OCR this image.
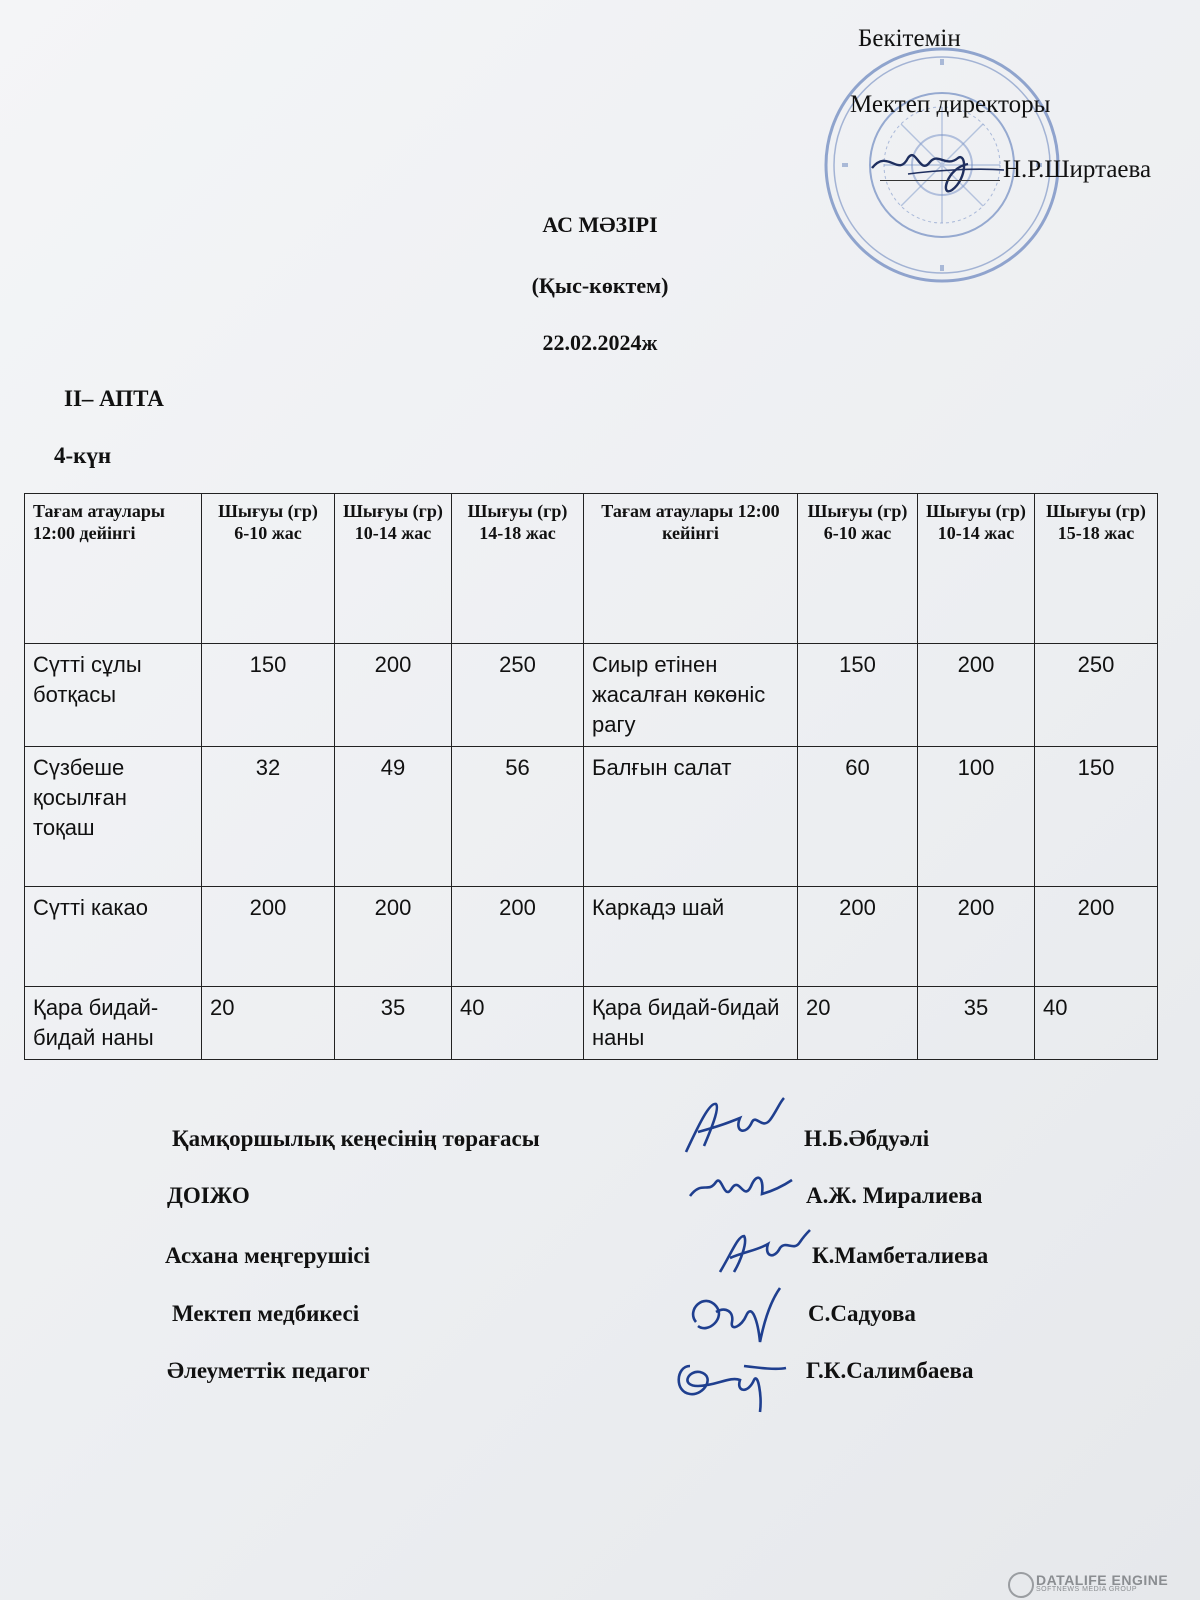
Бекітемін
Мектеп директоры
Н.Р.Ширтаева
АС МӘЗІРІ
(Қыс-көктем)
22.02.2024ж
ІІ– АПТА
4-күн
Тағам атаулары 12:00 дейінгі	Шығуы (гр) 6-10 жас	Шығуы (гр) 10-14 жас	Шығуы (гр) 14-18 жас	Тағам атаулары 12:00 кейінгі	Шығуы (гр) 6-10 жас	Шығуы (гр) 10-14 жас	Шығуы (гр) 15-18 жас
Сүтті сұлы ботқасы	150	200	250	Сиыр етінен жасалған көкөніс рагу	150	200	250
Сүзбеше қосылған тоқаш	32	49	56	Балғын салат	60	100	150
Сүтті какао	200	200	200	Каркадэ шай	200	200	200
Қара бидай-бидай наны	20	35	40	Қара бидай-бидай наны	20	35	40
Қамқоршылық кеңесінің төрағасы
ДОІЖО
Асхана меңгерушісі
Мектеп медбикесі
Әлеуметтік педагог
Н.Б.Әбдуәлі
А.Ж. Миралиева
К.Мамбеталиева
С.Садуова
Г.К.Салимбаева
DATALIFE ENGINE
SOFTNEWS MEDIA GROUP
